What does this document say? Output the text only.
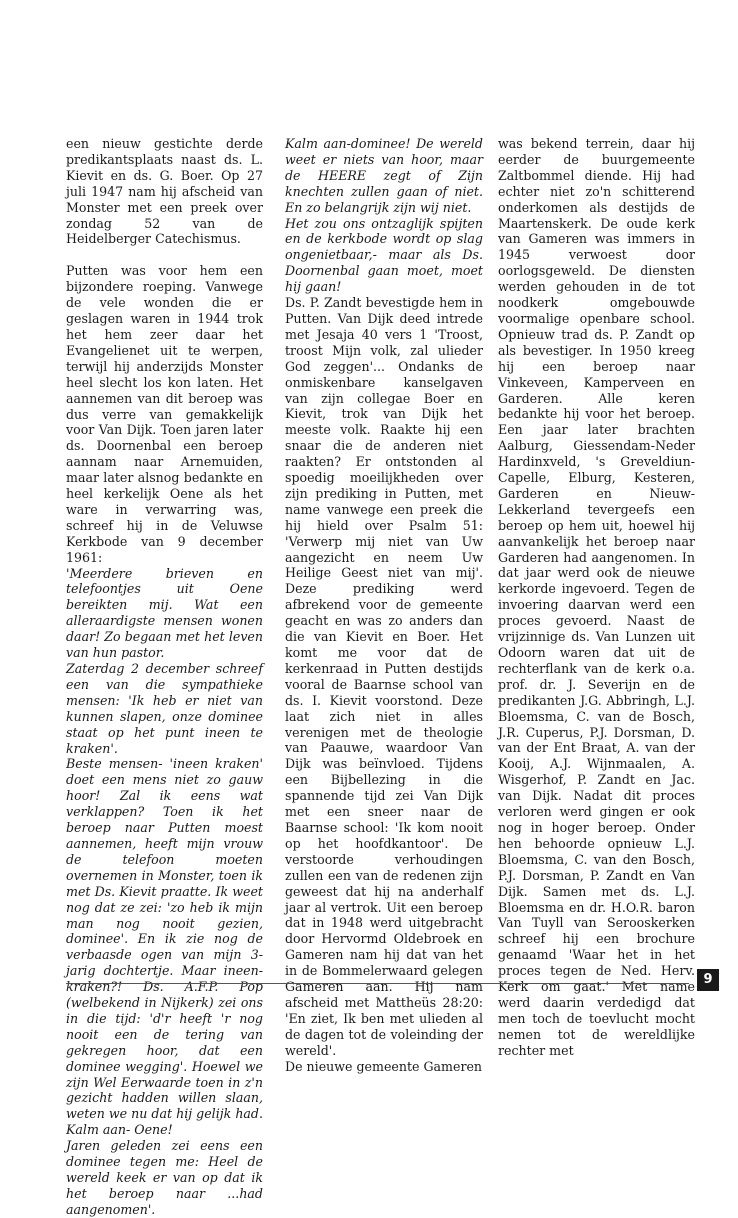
een nieuw gestichte derde predikantsplaats naast ds. L. Kievit en ds. G. Boer. Op 27 juli 1947 nam hij afscheid van Monster met een preek over zondag 52 van de Heidelberger Catechismus.

Putten was voor hem een bijzondere roeping. Vanwege de vele wonden die er geslagen waren in 1944 trok het hem zeer daar het Evangelienet uit te werpen, terwijl hij anderzijds Monster heel slecht los kon laten. Het aannemen van dit beroep was dus verre van gemakkelijk voor Van Dijk. Toen jaren later ds. Doornenbal een beroep aannam naar Arnemuiden, maar later alsnog bedankte en heel kerkelijk Oene als het ware in verwarring was, schreef hij in de Veluwse Kerkbode van 9 december 1961:

'Meerdere brieven en telefoontjes uit Oene bereikten mij. Wat een alleraardigste mensen wonen daar! Zo begaan met het leven van hun pastor.

Zaterdag 2 december schreef een van die sympathieke mensen: 'Ik heb er niet van kunnen slapen, onze dominee staat op het punt ineen te kraken'.

Beste mensen- 'ineen kraken' doet een mens niet zo gauw hoor! Zal ik eens wat verklappen? Toen ik het beroep naar Putten moest aannemen, heeft mijn vrouw de telefoon moeten overnemen in Monster, toen ik met Ds. Kievit praatte. Ik weet nog dat ze zei: 'zo heb ik mijn man nog nooit gezien, dominee'. En ik zie nog de verbaasde ogen van mijn 3-jarig dochtertje. Maar ineen-kraken?! Ds. A.F.P. Pop (welbekend in Nijkerk) zei ons in die tijd: 'd'r heeft 'r nog nooit een de tering van gekregen hoor, dat een dominee wegging'. Hoewel we zijn Wel Eerwaarde toen in z'n gezicht hadden willen slaan, weten we nu dat hij gelijk had. Kalm aan- Oene!

Jaren geleden zei eens een dominee tegen me: Heel de wereld keek er van op dat ik het beroep naar ...had aangenomen'.

Kalm aan-dominee! De wereld weet er niets van hoor, maar de HEERE zegt of Zijn knechten zullen gaan of niet. En zo belangrijk zijn wij niet.

Het zou ons ontzaglijk spijten en de kerkbode wordt op slag ongenietbaar,- maar als Ds. Doornenbal gaan moet, moet hij gaan!

Ds. P. Zandt bevestigde hem in Putten. Van Dijk deed intrede met Jesaja 40 vers 1 'Troost, troost Mijn volk, zal ulieder God zeggen'... Ondanks de onmiskenbare kanselgaven van zijn collegae Boer en Kievit, trok van Dijk het meeste volk. Raakte hij een snaar die de anderen niet raakten? Er ontstonden al spoedig moeilijkheden over zijn prediking in Putten, met name vanwege een preek die hij hield over Psalm 51: 'Verwerp mij niet van Uw aangezicht en neem Uw Heilige Geest niet van mij'. Deze prediking werd afbrekend voor de gemeente geacht en was zo anders dan die van Kievit en Boer. Het komt me voor dat de kerkenraad in Putten destijds vooral de Baarnse school van ds. I. Kievit voorstond. Deze laat zich niet in alles verenigen met de theologie van Paauwe, waardoor Van Dijk was beïnvloed. Tijdens een Bijbellezing in die spannende tijd zei Van Dijk met een sneer naar de Baarnse school: 'Ik kom nooit op het hoofdkantoor'. De verstoorde verhoudingen zullen een van de redenen zijn geweest dat hij na anderhalf jaar al vertrok. Uit een beroep dat in 1948 werd uitgebracht door Hervormd Oldebroek en Gameren nam hij dat van het in de Bommelerwaard gelegen Gameren aan. Hij nam afscheid met Mattheüs 28:20: 'En ziet, Ik ben met ulieden al de dagen tot de voleinding der wereld'.

De nieuwe gemeente Gameren

was bekend terrein, daar hij eerder de buurgemeente Zaltbommel diende. Hij had echter niet zo'n schitterend onderkomen als destijds de Maartenskerk. De oude kerk van Gameren was immers in 1945 verwoest door oorlogsgeweld. De diensten werden gehouden in de tot noodkerk omgebouwde voormalige openbare school. Opnieuw trad ds. P. Zandt op als bevestiger. In 1950 kreeg hij een beroep naar Vinkeveen, Kamperveen en Garderen. Alle keren bedankte hij voor het beroep. Een jaar later brachten Aalburg, Giessendam-Neder Hardinxveld, 's Greveldiun-Capelle, Elburg, Kesteren, Garderen en Nieuw-Lekkerland tevergeefs een beroep op hem uit, hoewel hij aanvankelijk het beroep naar Garderen had aangenomen. In dat jaar werd ook de nieuwe kerkorde ingevoerd. Tegen de invoering daarvan werd een proces gevoerd. Naast de vrijzinnige ds. Van Lunzen uit Odoorn waren dat uit de rechterflank van de kerk o.a. prof. dr. J. Severijn en de predikanten J.G. Abbringh, L.J. Bloemsma, C. van de Bosch, J.R. Cuperus, P.J. Dorsman, D. van der Ent Braat, A. van der Kooij, A.J. Wijnmaalen, A. Wisgerhof, P. Zandt en Jac. van Dijk. Nadat dit proces verloren werd gingen er ook nog in hoger beroep. Onder hen behoorde opnieuw L.J. Bloemsma, C. van den Bosch, P.J. Dorsman, P. Zandt en Van Dijk. Samen met ds. L.J. Bloemsma en dr. H.O.R. baron Van Tuyll van Serooskerken schreef hij een brochure genaamd 'Waar het in het proces tegen de Ned. Herv. Kerk om gaat.' Met name werd daarin verdedigd dat men toch de toevlucht mocht nemen tot de wereldlijke rechter met

9
